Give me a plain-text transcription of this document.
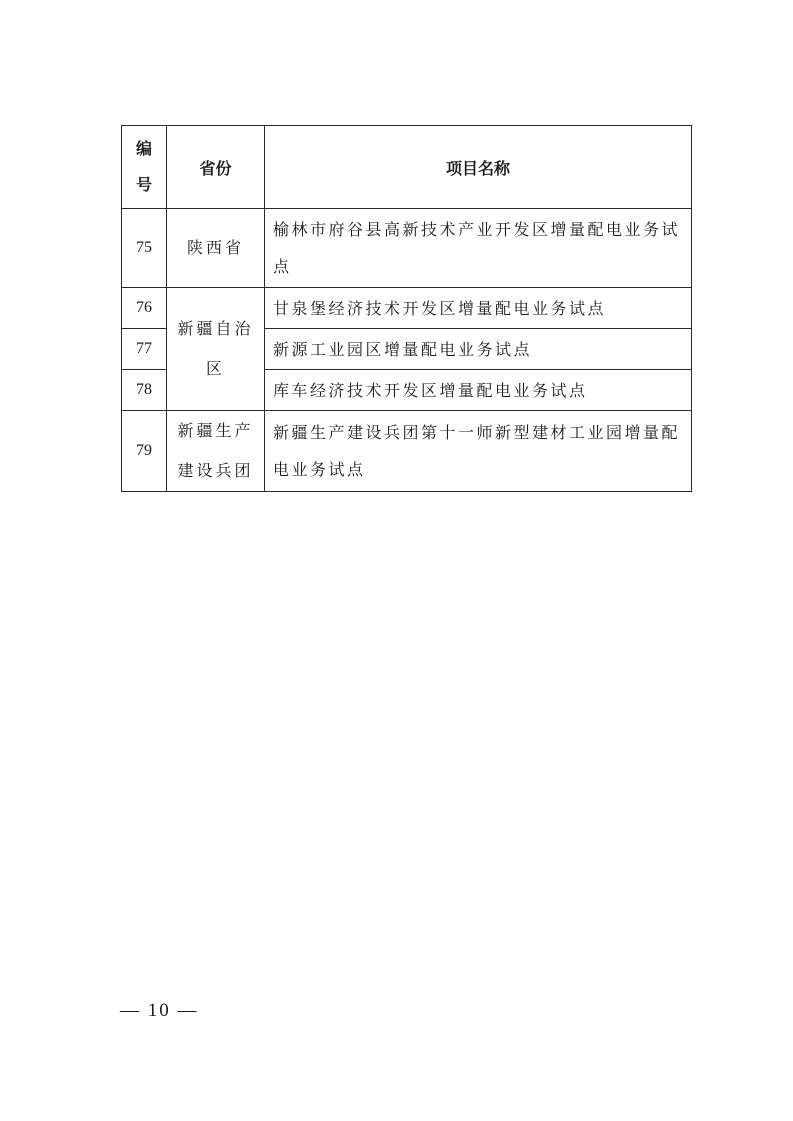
编号	省份	项目名称
75	陕西省	榆林市府谷县高新技术产业开发区增量配电业务试点
76	新疆自治区	甘泉堡经济技术开发区增量配电业务试点
77		新源工业园区增量配电业务试点
78		库车经济技术开发区增量配电业务试点
79	新疆生产建设兵团	新疆生产建设兵团第十一师新型建材工业园增量配电业务试点
— 10 —
